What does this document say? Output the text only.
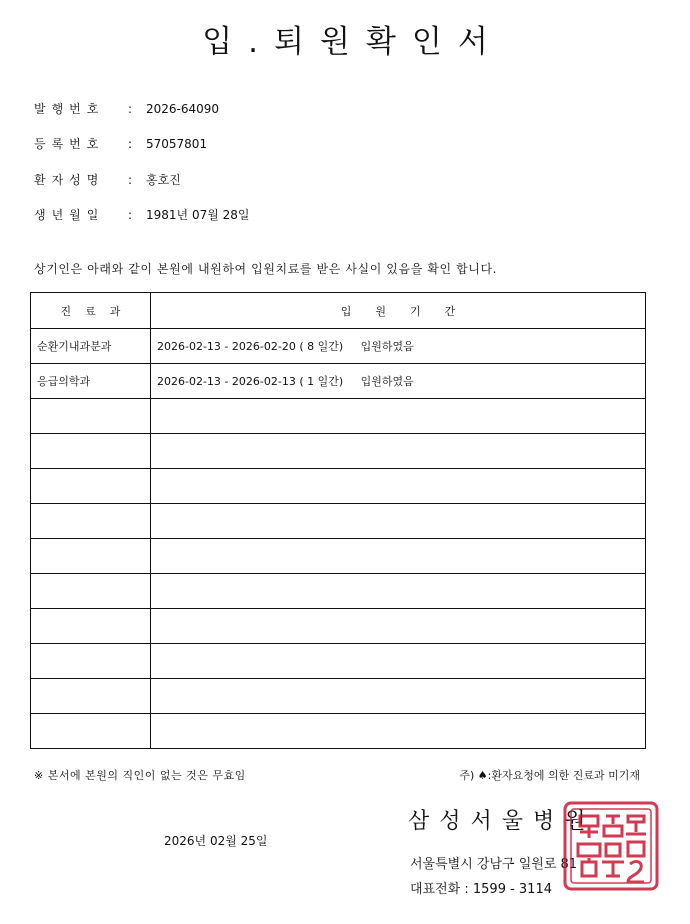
입.퇴원확인서
발행번호	: 2026-64090
등록번호	: 57057801
환자성명	: 홍호진
생년월일	: 1981년 07월 28일
상기인은 아래와 같이 본원에 내원하여 입원치료를 받은 사실이 있음을 확인 합니다.
진료과	입원기간
순환기내과분과	2026-02-13 - 2026-02-20 ( 8 일간)     입원하였음
응급의학과	2026-02-13 - 2026-02-13 ( 1 일간)     입원하였음

※ 본서에 본원의 직인이 없는 것은 무효임	주) ♠:환자요청에 의한 진료과 미기재
2026년 02월 25일
삼성서울병원
서울특별시 강남구 일원로 81
대표전화 : 1599 - 3114
